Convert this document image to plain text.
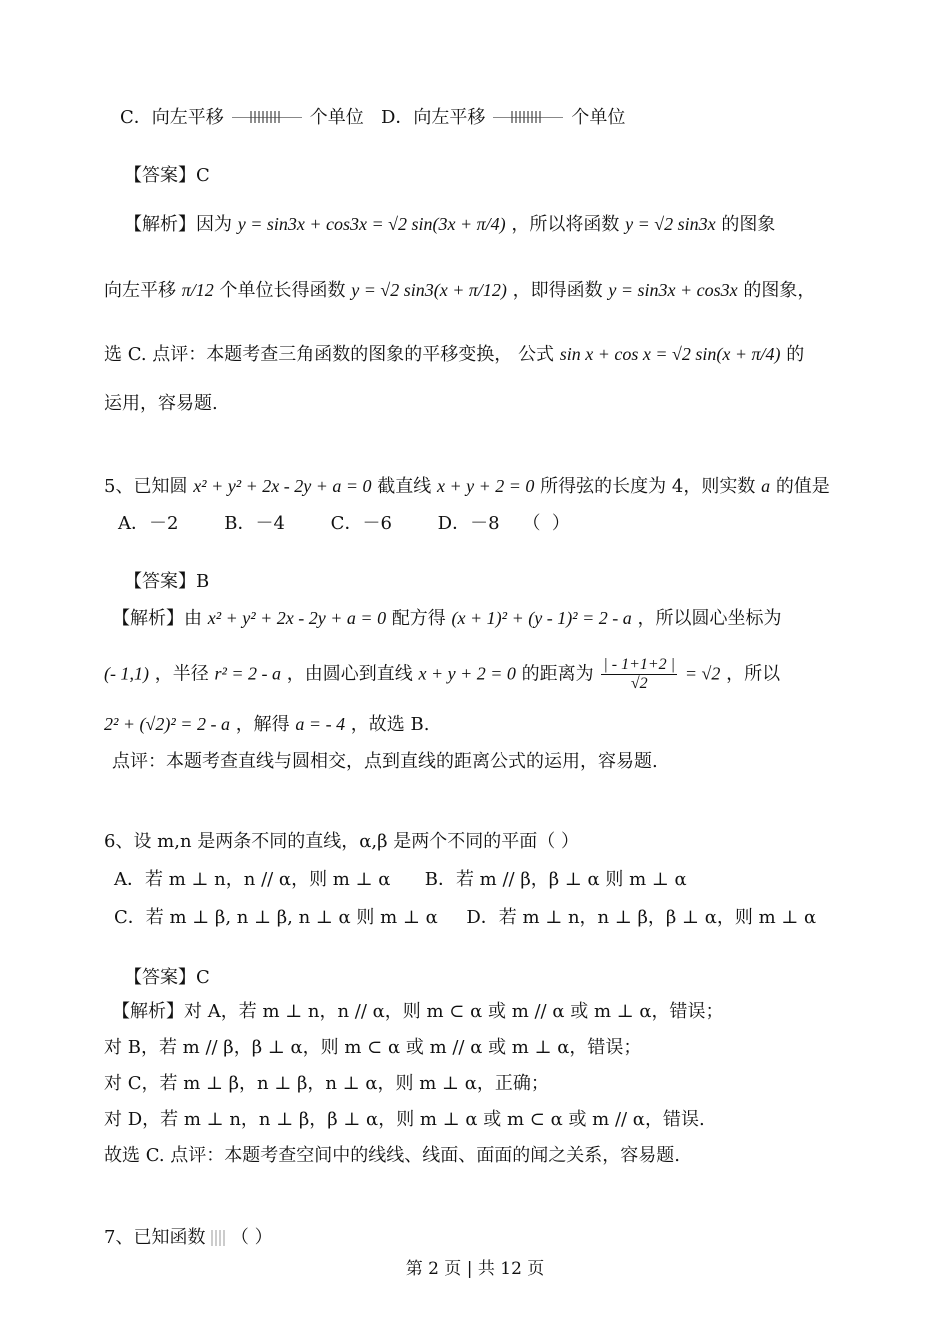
C．向左平移	个单位 D．向左平移	个单位
【答案】C
【解析】因为 y = sin3x + cos3x = √2 sin(3x + π/4) ，所以将函数 y = √2 sin3x 的图象
向左平移 π/12 个单位长得函数 y = √2 sin3(x + π/12) ，即得函数 y = sin3x + cos3x 的图象，
选 C. 点评：本题考查三角函数的图象的平移变换， 公式 sin x + cos x = √2 sin(x + π/4) 的
运用，容易题.
5、已知圆 x² + y² + 2x - 2y + a = 0 截直线 x + y + 2 = 0 所得弦的长度为 4，则实数 a 的值是
A．－2        B．－4        C．－6        D．－8    （  ）
【答案】B
【解析】由 x² + y² + 2x - 2y + a = 0 配方得 (x + 1)² + (y - 1)² = 2 - a ，所以圆心坐标为
(- 1,1) ，半径 r² = 2 - a ，由圆心到直线 x + y + 2 = 0 的距离为 $\frac{| - 1+1+2 |}{√2} = √2$ ，所以
2² + (√2)² = 2 - a ，解得 a = - 4 ，故选 B.
点评：本题考查直线与圆相交，点到直线的距离公式的运用，容易题.
6、设 m,n 是两条不同的直线，α,β 是两个不同的平面（ ）
A．若 m ⊥ n，n // α，则 m ⊥ α B．若 m // β，β ⊥ α 则 m ⊥ α
C．若 m ⊥ β, n ⊥ β, n ⊥ α 则 m ⊥ α D．若 m ⊥ n，n ⊥ β，β ⊥ α，则 m ⊥ α
【答案】C
【解析】对 A，若 m ⊥ n，n // α，则 m ⊂ α 或 m // α 或 m ⊥ α，错误；
对 B，若 m // β，β ⊥ α，则 m ⊂ α 或 m // α 或 m ⊥ α，错误；
对 C，若 m ⊥ β，n ⊥ β，n ⊥ α，则 m ⊥ α，正确；
对 D，若 m ⊥ n，n ⊥ β，β ⊥ α，则 m ⊥ α 或 m ⊂ α 或 m // α，错误.
故选 C. 点评：本题考查空间中的线线、线面、面面的闻之关系，容易题.
7、已知函数 （ ）
第 2 页 | 共 12 页
